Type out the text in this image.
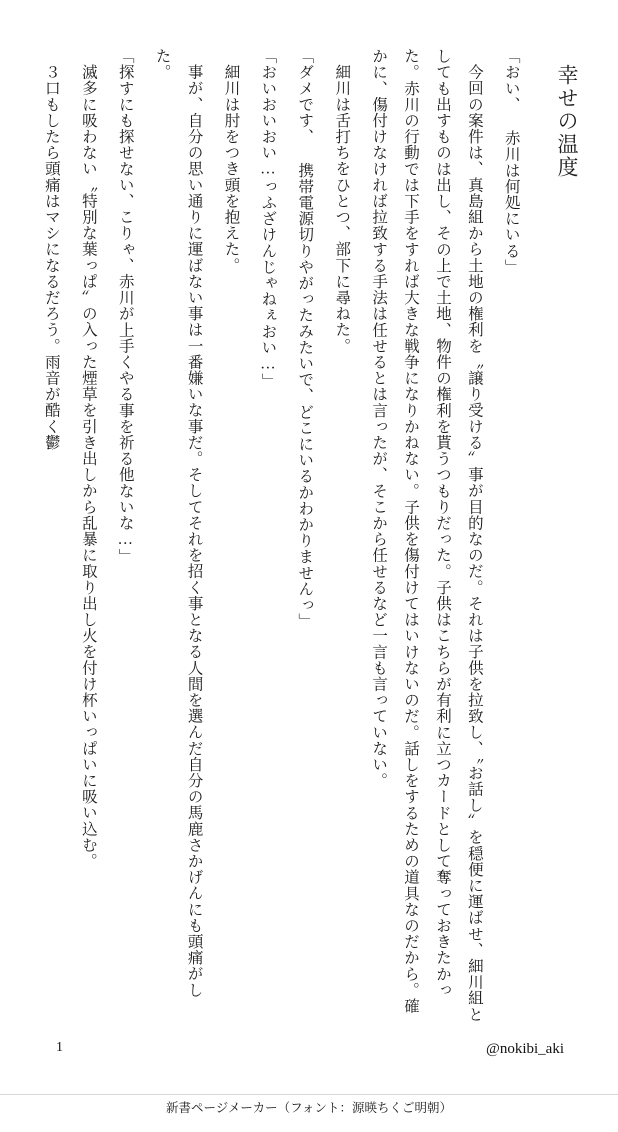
幸せの温度

「おい、 赤川は何処にいる」

今回の案件は、真島組から土地の権利を〝譲り受ける〟事が目的なのだ。それは子供を拉致し、〝お話し〟を穏便に運ばせ、細川組としても出すものは出し、その上で土地、物件の権利を貰うつもりだった。子供はこちらが有利に立つカードとして奪っておきたかった。赤川の行動では下手をすれば大きな戦争になりかねない。子供を傷付けてはいけないのだ。話しをするための道具なのだから。確かに、傷付けなければ拉致する手法は任せるとは言ったが、そこから任せるなど一言も言っていない。

細川は舌打ちをひとつ、部下に尋ねた。

「ダメです、 携帯電源切りやがったみたいで、どこにいるかわかりませんっ」

「おいおいおい…っふざけんじゃねぇおい…」

細川は肘をつき頭を抱えた。

事が、自分の思い通りに運ばない事は一番嫌いな事だ。そしてそれを招く事となる人間を選んだ自分の馬鹿さかげんにも頭痛がした。

「探すにも探せない、こりゃ、赤川が上手くやる事を祈る他ないな…」

滅多に吸わない〝特別な葉っぱ〟の入った煙草を引き出しから乱暴に取り出し火を付け杯いっぱいに吸い込む。

３口もしたら頭痛はマシになるだろう。雨音が酷く鬱

1	@nokibi_aki
新書ページメーカー（フォント：源暎ちくご明朝）
